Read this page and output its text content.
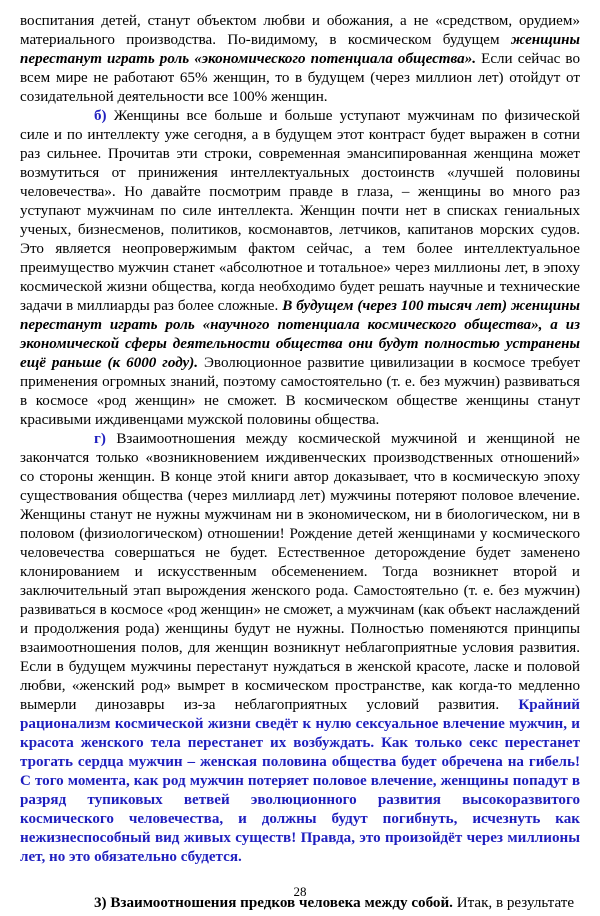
воспитания детей, станут объектом любви и обожания, а не «средством, орудием» материального производства. По-видимому, в космическом будущем женщины перестанут играть роль «экономического потенциала общества». Если сейчас во всем мире не работают 65% женщин, то в будущем (через миллион лет) отойдут от созидательной деятельности все 100% женщин.

б) Женщины все больше и больше уступают мужчинам по физической силе и по интеллекту уже сегодня, а в будущем этот контраст будет выражен в сотни раз сильнее. Прочитав эти строки, современная эмансипированная женщина может возмутиться от принижения интеллектуальных достоинств «лучшей половины человечества». Но давайте посмотрим правде в глаза, – женщины во много раз уступают мужчинам по силе интеллекта. Женщин почти нет в списках гениальных ученых, бизнесменов, политиков, космонавтов, летчиков, капитанов морских судов. Это является неопровержимым фактом сейчас, а тем более интеллектуальное преимущество мужчин станет «абсолютное и тотальное» через миллионы лет, в эпоху космической жизни общества, когда необходимо будет решать научные и технические задачи в миллиарды раз более сложные. В будущем (через 100 тысяч лет) женщины перестанут играть роль «научного потенциала космического общества», а из экономической сферы деятельности общества они будут полностью устранены ещё раньше (к 6000 году). Эволюционное развитие цивилизации в космосе требует применения огромных знаний, поэтому самостоятельно (т. е. без мужчин) развиваться в космосе «род женщин» не сможет. В космическом обществе женщины станут красивыми иждивенцами мужской половины общества.

г) Взаимоотношения между космической мужчиной и женщиной не закончатся только «возникновением иждивенческих производственных отношений» со стороны женщин. В конце этой книги автор доказывает, что в космическую эпоху существования общества (через миллиард лет) мужчины потеряют половое влечение. Женщины станут не нужны мужчинам ни в экономическом, ни в биологическом, ни в половом (физиологическом) отношении! Рождение детей женщинами у космического человечества совершаться не будет. Естественное деторождение будет заменено клонированием и искусственным обсеменением. Тогда возникнет второй и заключительный этап вырождения женского рода. Самостоятельно (т. е. без мужчин) развиваться в космосе «род женщин» не сможет, а мужчинам (как объект наслаждений и продолжения рода) женщины будут не нужны. Полностью поменяются принципы взаимоотношения полов, для женщин возникнут неблагоприятные условия развития. Если в будущем мужчины перестанут нуждаться в женской красоте, ласке и половой любви, «женский род» вымрет в космическом пространстве, как когда-то медленно вымерли динозавры из-за неблагоприятных условий развития. Крайний рационализм космической жизни сведёт к нулю сексуальное влечение мужчин, и красота женского тела перестанет их возбуждать. Как только секс перестанет трогать сердца мужчин – женская половина общества будет обречена на гибель! С того момента, как род мужчин потеряет половое влечение, женщины попадут в разряд тупиковых ветвей эволюционного развития высокоразвитого космического человечества, и должны будут погибнуть, исчезнуть как нежизнеспособный вид живых существ! Правда, это произойдёт через миллионы лет, но это обязательно сбудется.

3) Взаимоотношения предков человека между собой. Итак, в результате

28
